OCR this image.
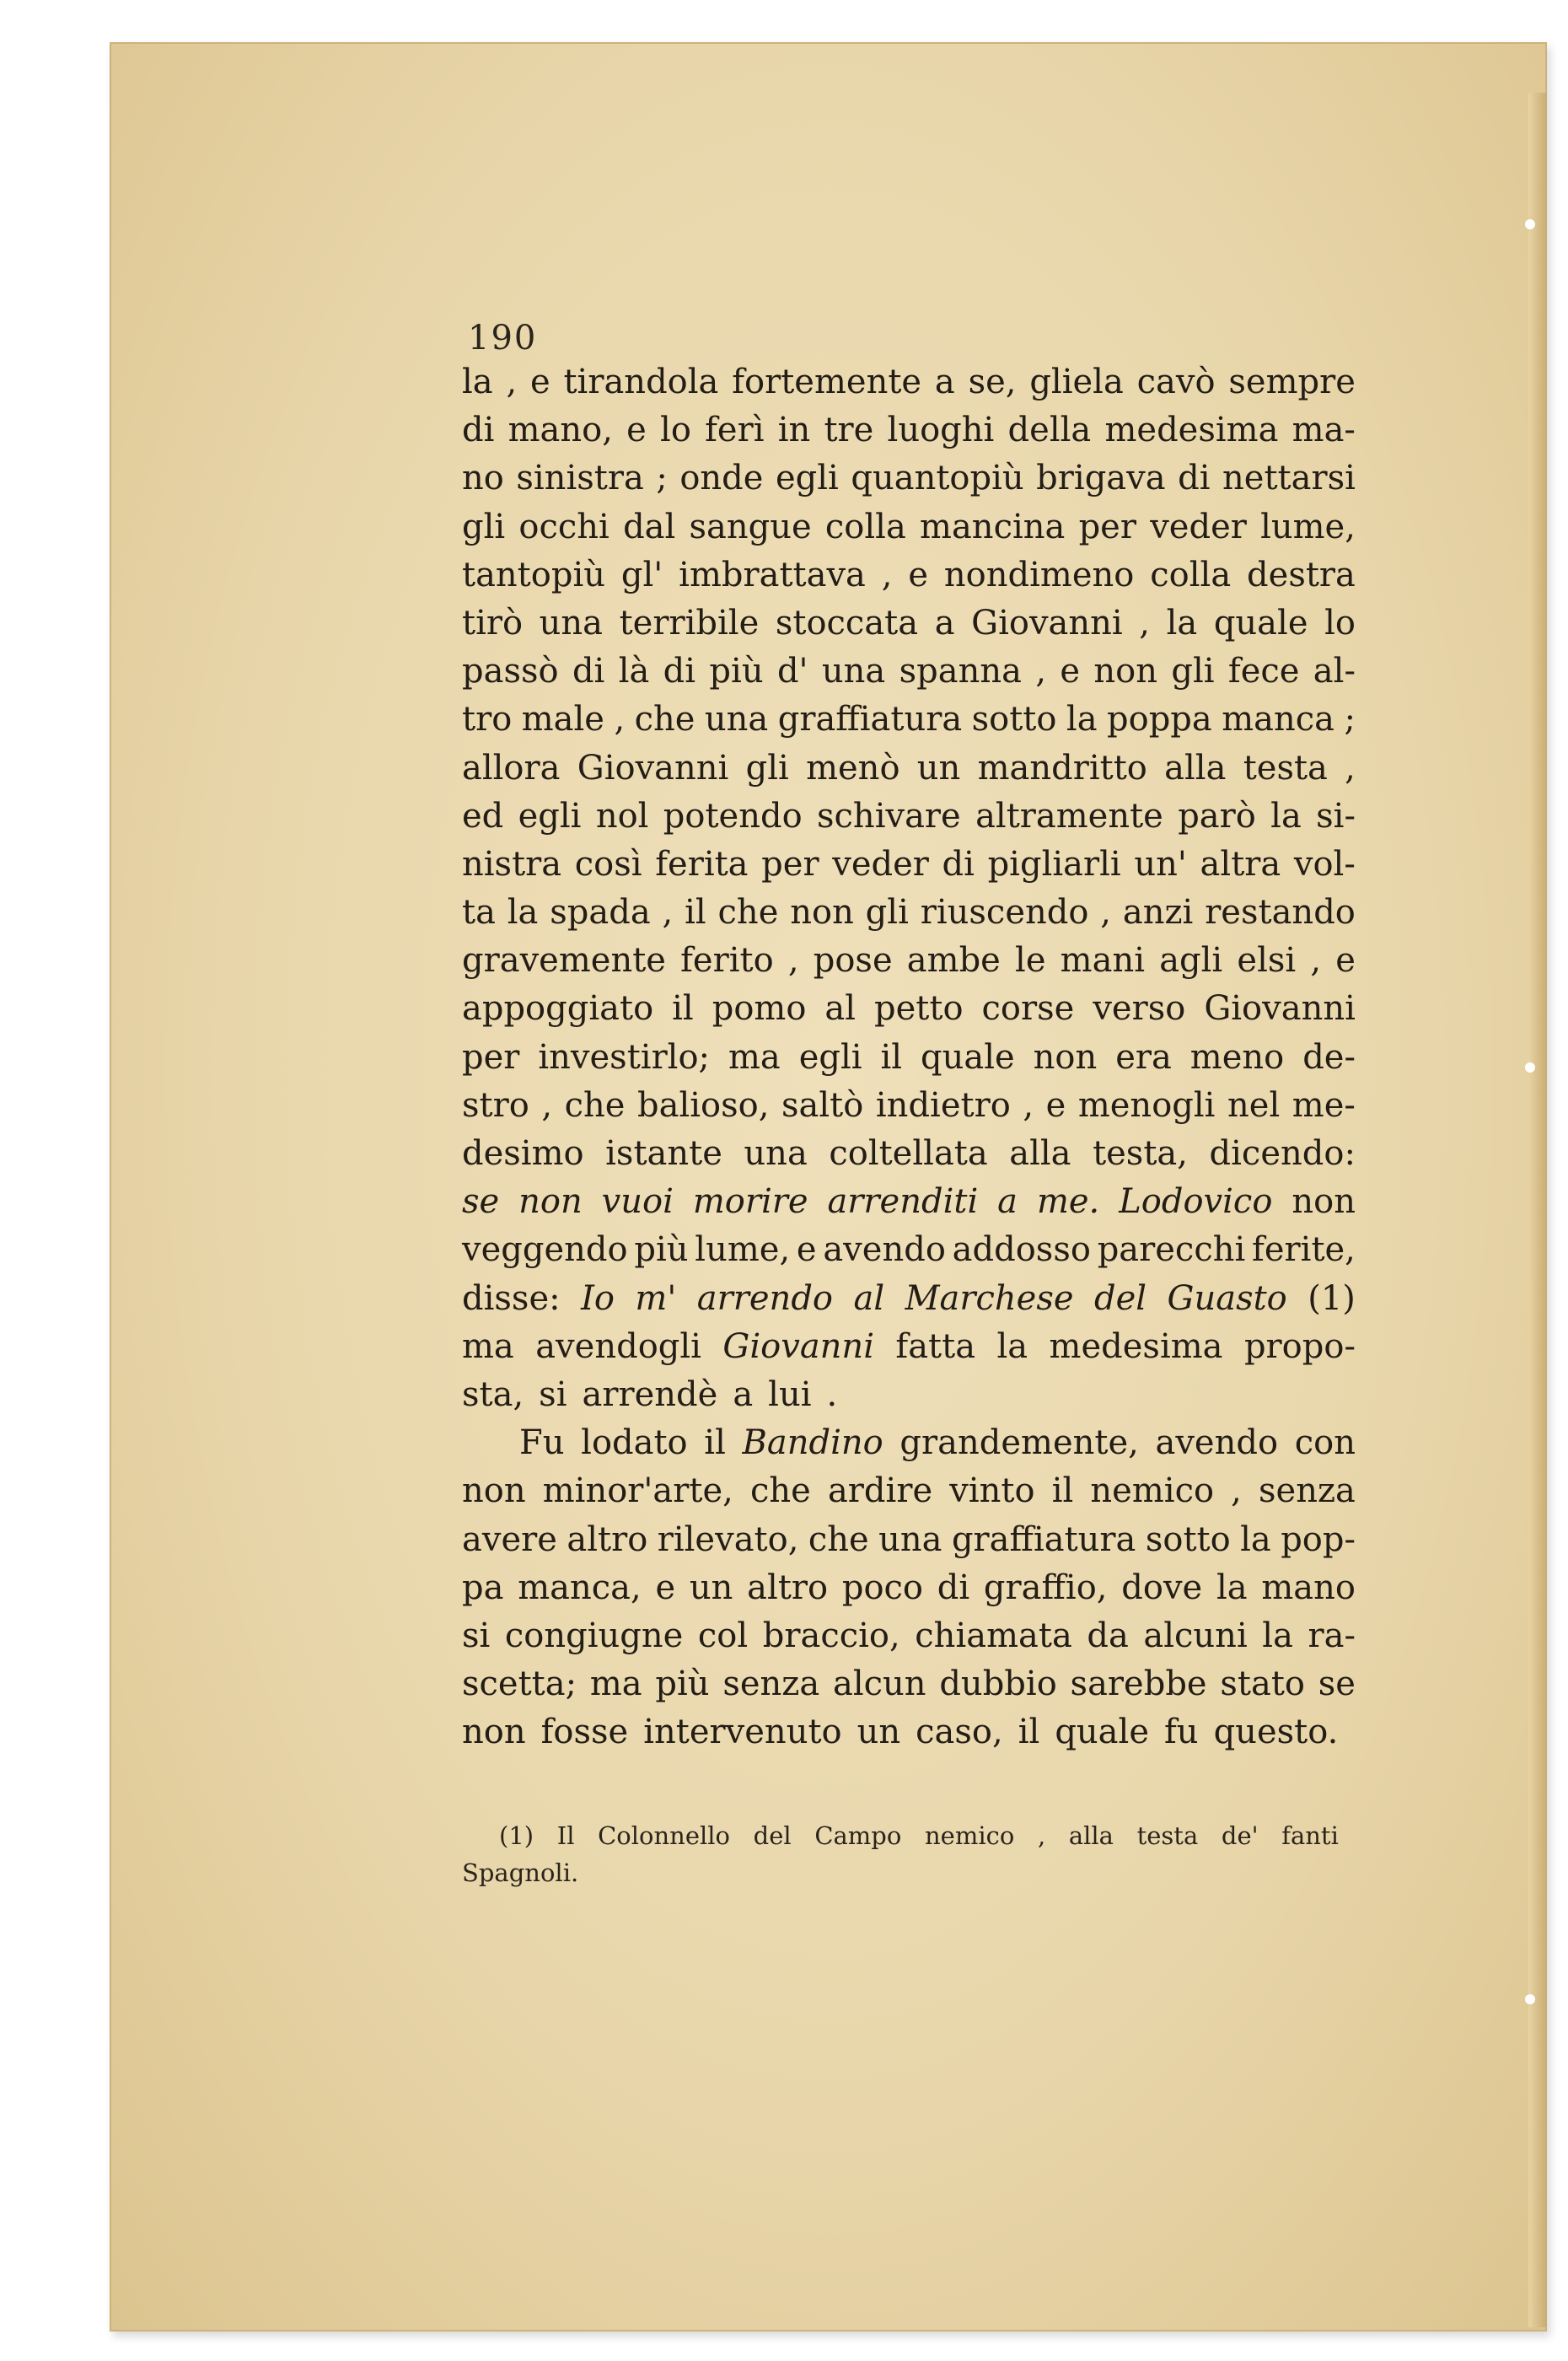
190
la , e tirandola fortemente a se, gliela cavò sempre
di mano, e lo ferì in tre luoghi della medesima ma-
no sinistra ; onde egli quantopiù brigava di nettarsi
gli occhi dal sangue colla mancina per veder lume,
tantopiù gl' imbrattava , e nondimeno colla destra
tirò una terribile stoccata a Giovanni , la quale lo
passò di là di più d' una spanna , e non gli fece al-
tro male , che una graffiatura sotto la poppa manca ;
allora Giovanni gli menò un mandritto alla testa ,
ed egli nol potendo schivare altramente parò la si-
nistra così ferita per veder di pigliarli un' altra vol-
ta la spada , il che non gli riuscendo , anzi restando
gravemente ferito , pose ambe le mani agli elsi , e
appoggiato il pomo al petto corse verso Giovanni
per investirlo; ma egli il quale non era meno de-
stro , che balioso, saltò indietro , e menogli nel me-
desimo istante una coltellata alla testa, dicendo:
se non vuoi morire arrenditi a me. Lodovico non
veggendo più lume, e avendo addosso parecchi ferite,
disse: Io m' arrendo al Marchese del Guasto (1)
ma avendogli Giovanni fatta la medesima propo-
sta, si arrendè a lui .
Fu lodato il Bandino grandemente, avendo con
non minor'arte, che ardire vinto il nemico , senza
avere altro rilevato, che una graffiatura sotto la pop-
pa manca, e un altro poco di graffio, dove la mano
si congiugne col braccio, chiamata da alcuni la ra-
scetta; ma più senza alcun dubbio sarebbe stato se
non fosse intervenuto un caso, il quale fu questo.
(1) Il Colonnello del Campo nemico , alla testa de' fanti
Spagnoli .
